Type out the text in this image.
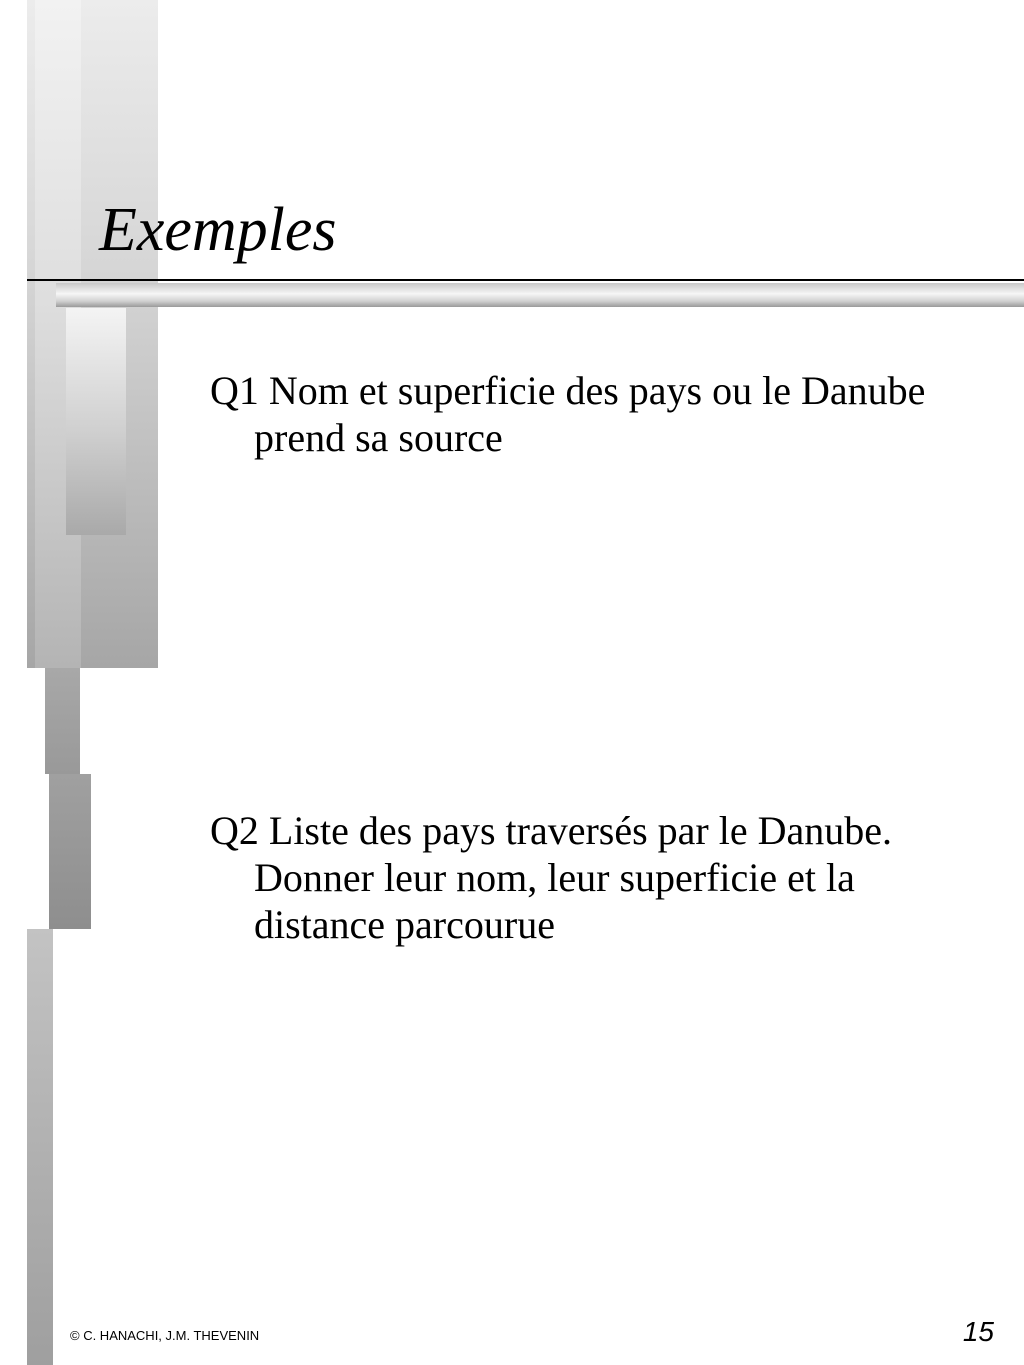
Exemples

Q1 Nom et superficie des pays ou le Danube prend sa source

Q2 Liste des pays traversés par le Danube. Donner leur nom, leur superficie et la distance parcourue

© C. HANACHI, J.M. THEVENIN	15
